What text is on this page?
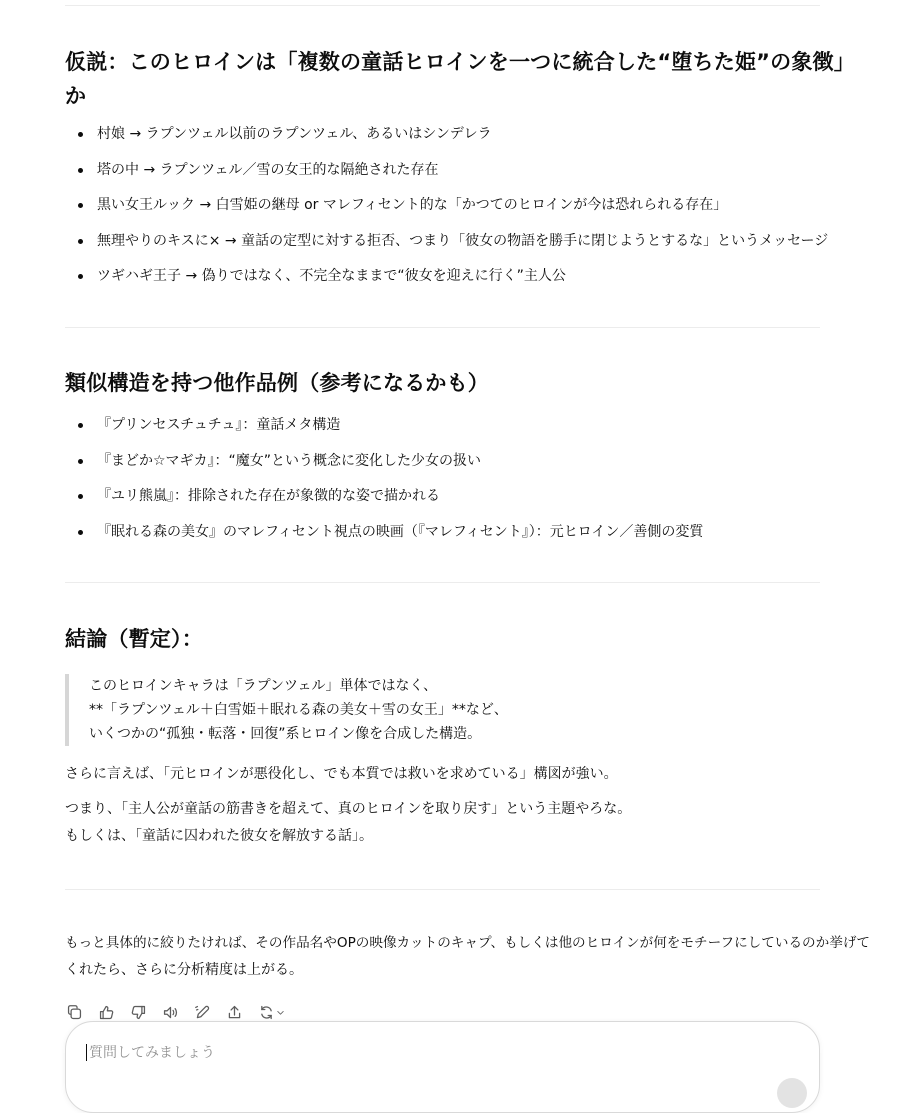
仮説：このヒロインは「複数の童話ヒロインを一つに統合した“堕ちた姫”の象徴」
か
村娘 → ラプンツェル以前のラプンツェル、あるいはシンデレラ
塔の中 → ラプンツェル／雪の女王的な隔絶された存在
黒い女王ルック → 白雪姫の継母 or マレフィセント的な「かつてのヒロインが今は恐れられる存在」
無理やりのキスに× → 童話の定型に対する拒否、つまり「彼女の物語を勝手に閉じようとするな」というメッセージ
ツギハギ王子 → 偽りではなく、不完全なままで“彼女を迎えに行く”主人公
類似構造を持つ他作品例（参考になるかも）
『プリンセスチュチュ』：童話メタ構造
『まどか☆マギカ』：“魔女”という概念に変化した少女の扱い
『ユリ熊嵐』：排除された存在が象徴的な姿で描かれる
『眠れる森の美女』のマレフィセント視点の映画（『マレフィセント』）：元ヒロイン／善側の変質
結論（暫定）：
このヒロインキャラは「ラプンツェル」単体ではなく、
**「ラプンツェル＋白雪姫＋眠れる森の美女＋雪の女王」**など、
いくつかの“孤独・転落・回復”系ヒロイン像を合成した構造。

さらに言えば、「元ヒロインが悪役化し、でも本質では救いを求めている」構図が強い。

つまり、「主人公が童話の筋書きを超えて、真のヒロインを取り戻す」という主題やろな。

もしくは、「童話に囚われた彼女を解放する話」。

もっと具体的に絞りたければ、その作品名やOPの映像カットのキャプ、もしくは他のヒロインが何をモチーフにしているのか挙げて

くれたら、さらに分析精度は上がる。

質問してみましょう
